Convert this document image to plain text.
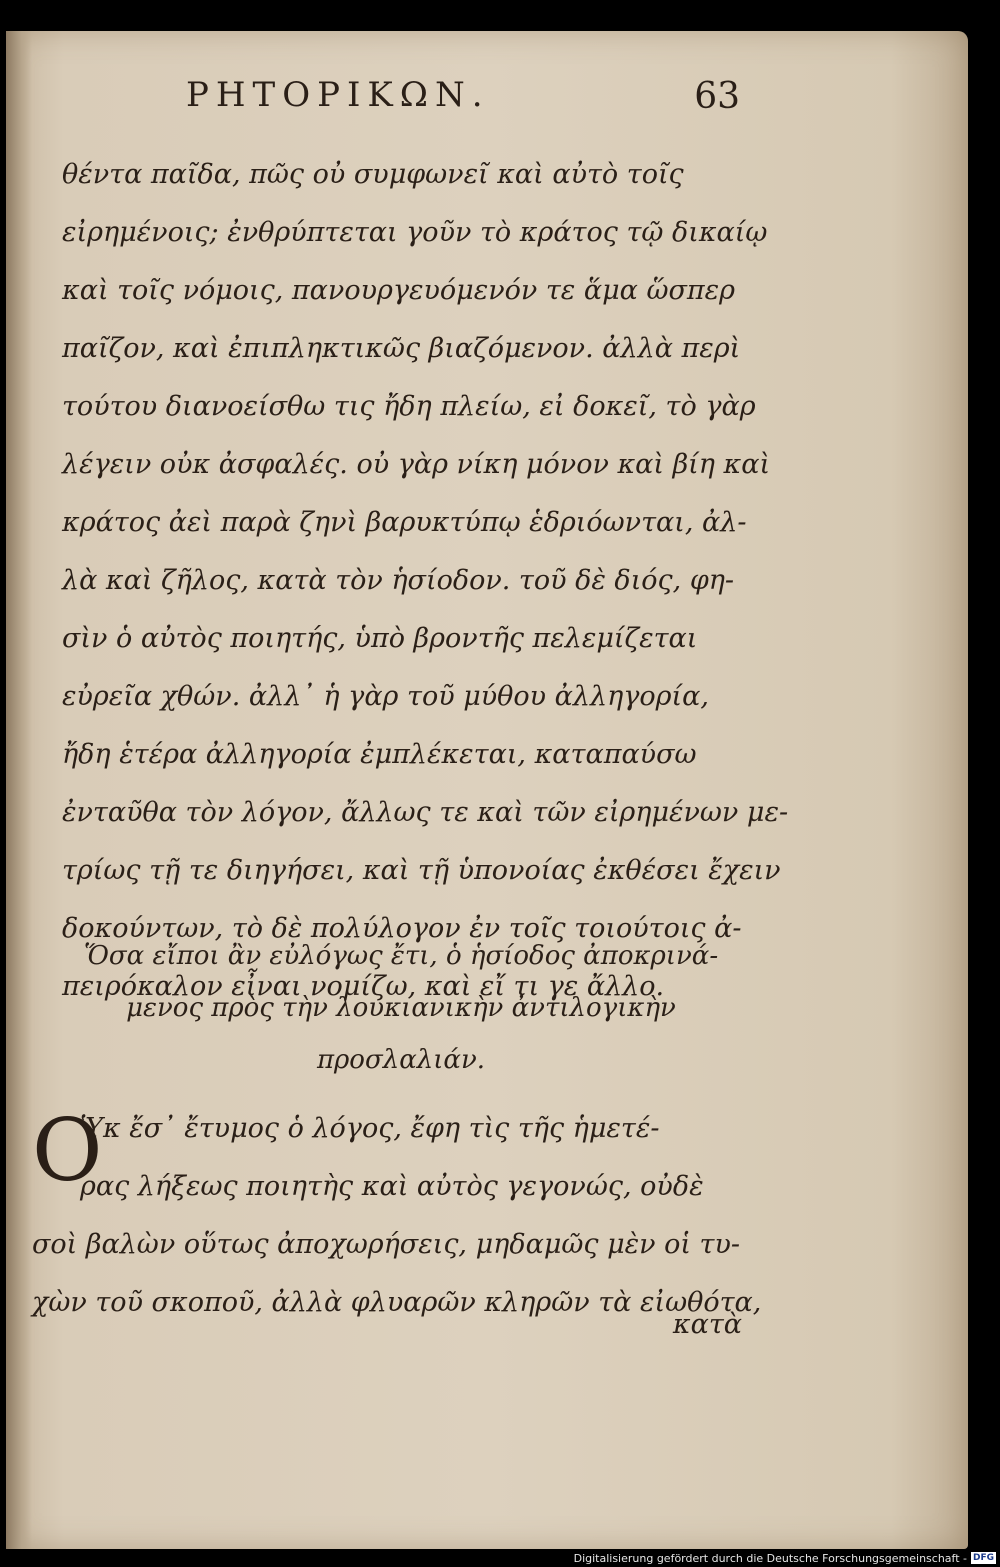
ΡΗΤΟΡΙΚΩΝ.	63
θέντα παῖδα, πῶς οὐ συμφωνεῖ καὶ αὐτὸ τοῖς
εἰρημένοις; ἐνθρύπτεται γοῦν τὸ κράτος τῷ δικαίῳ
καὶ τοῖς νόμοις, πανουργευόμενόν τε ἅμα ὥσπερ
παῖζον, καὶ ἐπιπληκτικῶς βιαζόμενον. ἀλλὰ περὶ
τούτου διανοείσθω τις ἤδη πλείω, εἰ δοκεῖ, τὸ γὰρ
λέγειν οὐκ ἀσφαλές. οὐ γὰρ νίκη μόνον καὶ βίη καὶ
κράτος ἀεὶ παρὰ ζηνὶ βαρυκτύπῳ ἑδριόωνται, ἀλ-
λὰ καὶ ζῆλος, κατὰ τὸν ἡσίοδον. τοῦ δὲ διός, φη-
σὶν ὁ αὐτὸς ποιητής, ὑπὸ βροντῆς πελεμίζεται
εὐρεῖα χθών. ἀλλ᾽ ἡ γὰρ τοῦ μύθου ἀλληγορία,
ἤδη ἑτέρα ἀλληγορία ἐμπλέκεται, καταπαύσω
ἐνταῦθα τὸν λόγον, ἄλλως τε καὶ τῶν εἰρημένων με-
τρίως τῇ τε διηγήσει, καὶ τῇ ὑπονοίας ἐκθέσει ἔχειν
δοκούντων, τὸ δὲ πολύλογον ἐν τοῖς τοιούτοις ἀ-
πειρόκαλον εἶναι νομίζω, καὶ εἴ τι γε ἄλλο.
Ὅσα εἴποι ἂν εὐλόγως ἔτι, ὁ ἡσίοδος ἀποκρινά-
μενος πρὸς τὴν λουκιανικὴν ἀντιλογικὴν
προσλαλιάν.
O
Ὑκ ἔσ᾽ ἔτυμος ὁ λόγος, ἔφη τὶς τῆς ἡμετέ-
ρας λήξεως ποιητὴς καὶ αὐτὸς γεγονώς, οὐδὲ
σοὶ βαλὼν οὕτως ἀποχωρήσεις, μηδαμῶς μὲν οἱ τυ-
χὼν τοῦ σκοποῦ, ἀλλὰ φλυαρῶν κληρῶν τὰ εἰωθότα,
κατὰ
Digitalisierung gefördert durch die Deutsche Forschungsgemeinschaft - DFG
